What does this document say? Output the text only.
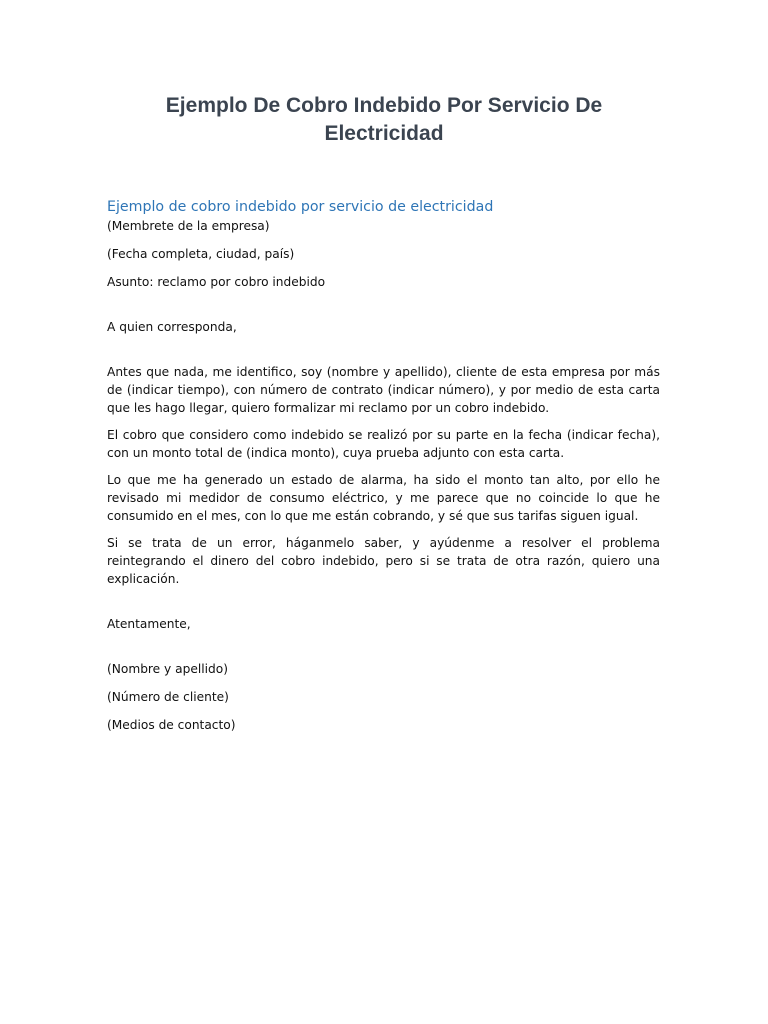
Ejemplo De Cobro Indebido Por Servicio De
Electricidad

Ejemplo de cobro indebido por servicio de electricidad

(Membrete de la empresa)

(Fecha completa, ciudad, país)

Asunto: reclamo por cobro indebido

A quien corresponda,

Antes que nada, me identifico, soy (nombre y apellido), cliente de esta empresa por más de (indicar tiempo), con número de contrato (indicar número), y por medio de esta carta que les hago llegar, quiero formalizar mi reclamo por un cobro indebido.

El cobro que considero como indebido se realizó por su parte en la fecha (indicar fecha), con un monto total de (indica monto), cuya prueba adjunto con esta carta.

Lo que me ha generado un estado de alarma, ha sido el monto tan alto, por ello he revisado mi medidor de consumo eléctrico, y me parece que no coincide lo que he consumido en el mes, con lo que me están cobrando, y sé que sus tarifas siguen igual.

Si se trata de un error, háganmelo saber, y ayúdenme a resolver el problema reintegrando el dinero del cobro indebido, pero si se trata de otra razón, quiero una explicación.

Atentamente,

(Nombre y apellido)

(Número de cliente)

(Medios de contacto)
